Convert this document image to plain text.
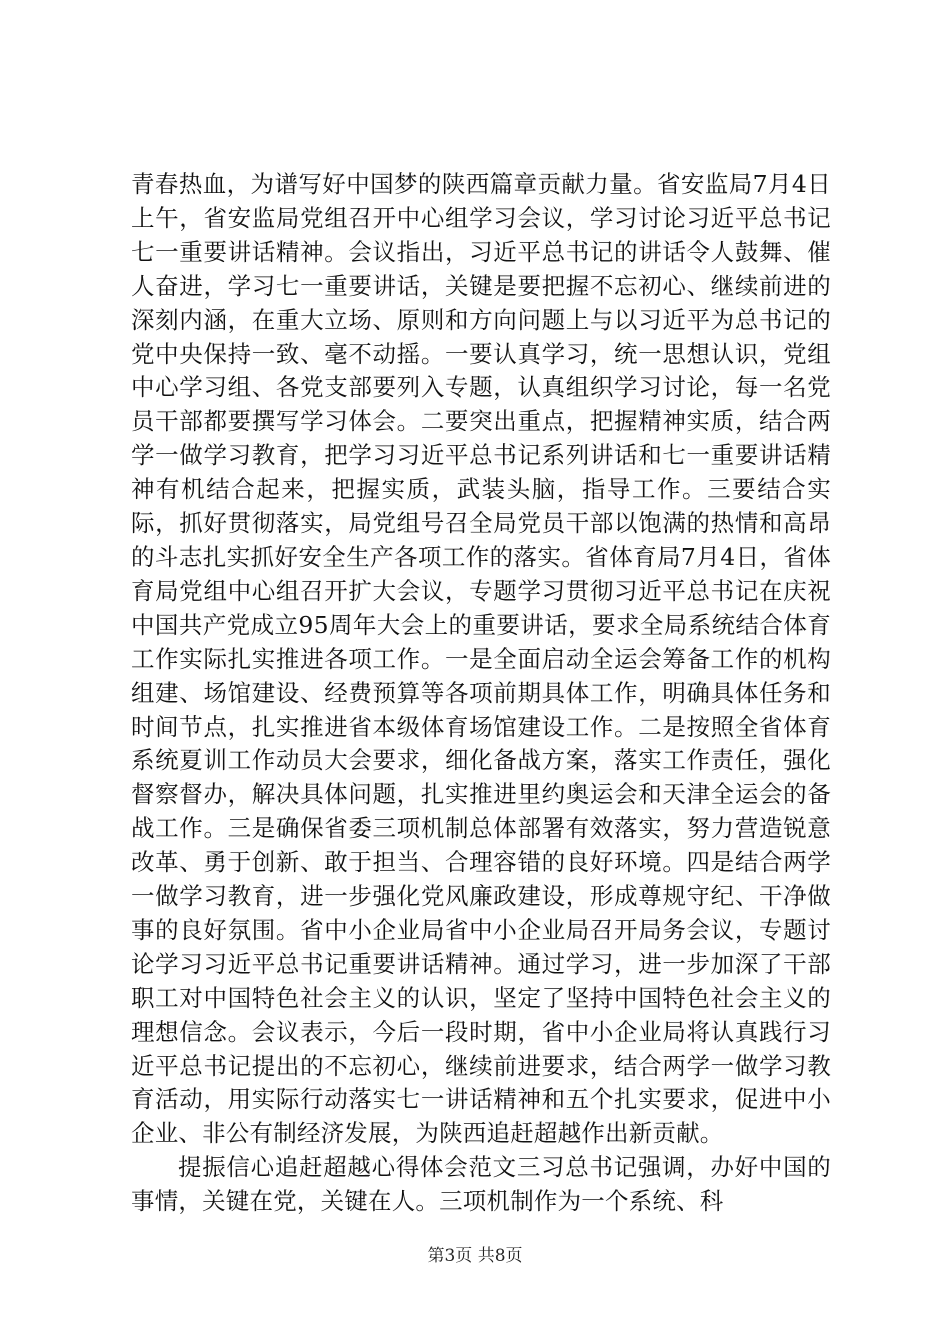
青春热血，为谱写好中国梦的陕西篇章贡献力量。省安监局7月4日上午，省安监局党组召开中心组学习会议，学习讨论习近平总书记七一重要讲话精神。会议指出，习近平总书记的讲话令人鼓舞、催人奋进，学习七一重要讲话，关键是要把握不忘初心、继续前进的深刻内涵，在重大立场、原则和方向问题上与以习近平为总书记的党中央保持一致、毫不动摇。一要认真学习，统一思想认识，党组中心学习组、各党支部要列入专题，认真组织学习讨论，每一名党员干部都要撰写学习体会。二要突出重点，把握精神实质，结合两学一做学习教育，把学习习近平总书记系列讲话和七一重要讲话精神有机结合起来，把握实质，武装头脑，指导工作。三要结合实际，抓好贯彻落实，局党组号召全局党员干部以饱满的热情和高昂的斗志扎实抓好安全生产各项工作的落实。省体育局7月4日，省体育局党组中心组召开扩大会议，专题学习贯彻习近平总书记在庆祝中国共产党成立95周年大会上的重要讲话，要求全局系统结合体育工作实际扎实推进各项工作。一是全面启动全运会筹备工作的机构组建、场馆建设、经费预算等各项前期具体工作，明确具体任务和时间节点，扎实推进省本级体育场馆建设工作。二是按照全省体育系统夏训工作动员大会要求，细化备战方案，落实工作责任，强化督察督办，解决具体问题，扎实推进里约奥运会和天津全运会的备战工作。三是确保省委三项机制总体部署有效落实，努力营造锐意改革、勇于创新、敢于担当、合理容错的良好环境。四是结合两学一做学习教育，进一步强化党风廉政建设，形成尊规守纪、干净做事的良好氛围。省中小企业局省中小企业局召开局务会议，专题讨论学习习近平总书记重要讲话精神。通过学习，进一步加深了干部职工对中国特色社会主义的认识，坚定了坚持中国特色社会主义的理想信念。会议表示，今后一段时期，省中小企业局将认真践行习近平总书记提出的不忘初心，继续前进要求，结合两学一做学习教育活动，用实际行动落实七一讲话精神和五个扎实要求，促进中小企业、非公有制经济发展，为陕西追赶超越作出新贡献。

提振信心追赶超越心得体会范文三习总书记强调，办好中国的事情，关键在党，关键在人。三项机制作为一个系统、科

第3页 共8页
